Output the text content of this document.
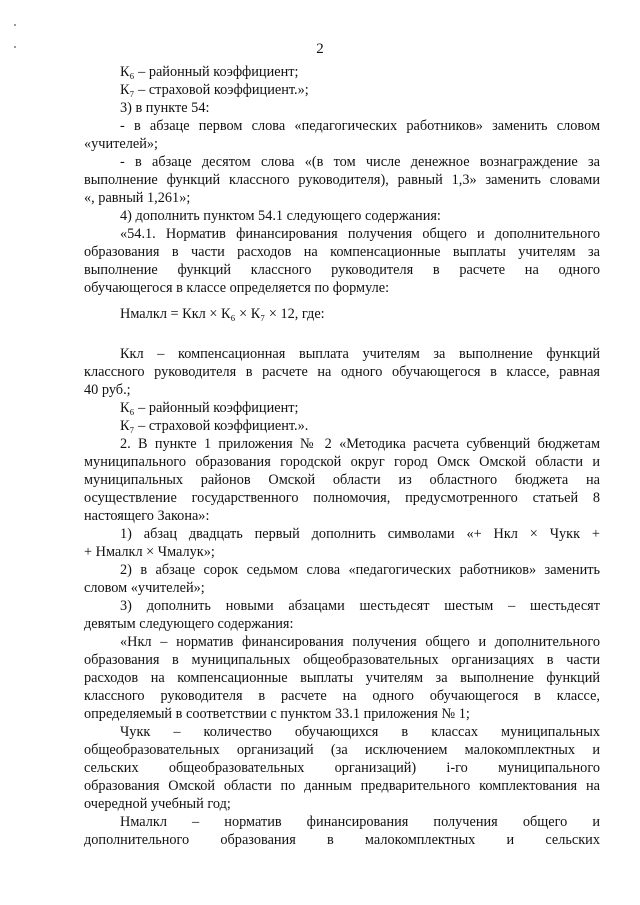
2
К₆ – районный коэффициент;
К₇ – страховой коэффициент.»;
3) в пункте 54:
- в абзаце первом слова «педагогических работников» заменить словом
«учителей»;
- в абзаце десятом слова «(в том числе денежное вознаграждение за
выполнение функций классного руководителя), равный 1,3» заменить словами
«, равный 1,261»;
4) дополнить пунктом 54.1 следующего содержания:
«54.1. Норматив финансирования получения общего и дополнительного
образования в части расходов на компенсационные выплаты учителям за
выполнение функций классного руководителя в расчете на одного
обучающегося в классе определяется по формуле:
Нмалкл = Ккл × К₆ × К₇ × 12, где:
Ккл – компенсационная выплата учителям за выполнение функций
классного руководителя в расчете на одного обучающегося в классе, равная
40 руб.;
К₆ – районный коэффициент;
К₇ – страховой коэффициент.».
2. В пункте 1 приложения № 2 «Методика расчета субвенций бюджетам
муниципального образования городской округ город Омск Омской области и
муниципальных районов Омской области из областного бюджета на
осуществление государственного полномочия, предусмотренного статьей 8
настоящего Закона»:
1) абзац двадцать первый дополнить символами «+ Нкл × Чукк +
+ Нмалкл × Чмалук»;
2) в абзаце сорок седьмом слова «педагогических работников» заменить
словом «учителей»;
3) дополнить новыми абзацами шестьдесят шестым – шестьдесят
девятым следующего содержания:
«Нкл – норматив финансирования получения общего и дополнительного
образования в муниципальных общеобразовательных организациях в части
расходов на компенсационные выплаты учителям за выполнение функций
классного руководителя в расчете на одного обучающегося в классе,
определяемый в соответствии с пунктом 33.1 приложения № 1;
Чукк – количество обучающихся в классах муниципальных
общеобразовательных организаций (за исключением малокомплектных и
сельских общеобразовательных организаций) i-го муниципального
образования Омской области по данным предварительного комплектования на
очередной учебный год;
Нмалкл – норматив финансирования получения общего и
дополнительного образования в малокомплектных и сельских
